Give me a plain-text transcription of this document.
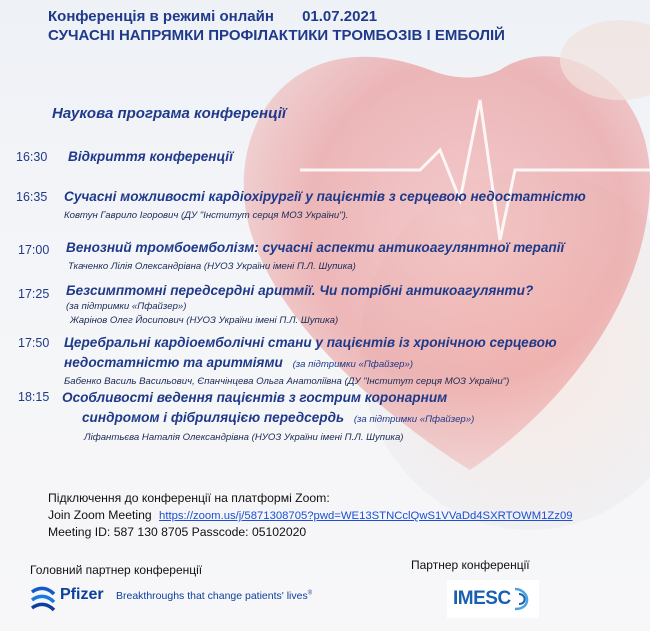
Конференція в режимі онлайн 01.07.2021
СУЧАСНІ НАПРЯМКИ ПРОФІЛАКТИКИ ТРОМБОЗІВ І ЕМБОЛІЙ
Наукова програма конференції
16:30 Відкриття конференції
16:35 Сучасні можливості кардіохірургії у пацієнтів з серцевою недостатністю
Ковтун Гаврило Ігорович (ДУ "Інститут серця МОЗ України").
17:00 Венозний тромбоемболізм: сучасні аспекти антикоагулянтної терапії
Ткаченко Лілія Олександрівна (НУОЗ України імені П.Л. Шупика)
17:25 Безсимптомні передсердні аритмії. Чи потрібні антикоагулянти?
(за підтримки «Пфайзер»)
Жарінов Олег Йосипович (НУОЗ України імені П.Л. Шупика)
17:50 Церебральні кардіоемболічні стани у пацієнтів із хронічною серцевою
недостатністю та аритміями (за підтримки «Пфайзер»)
Бабенко Василь Васильович, Єпанчінцева Ольга Анатоліївна (ДУ "Інститут серця МОЗ України")
18:15 Особливості ведення пацієнтів з гострим коронарним
синдромом і фібриляцією передсердь (за підтримки «Пфайзер»)
Ліфантьєва Наталія Олександрівна (НУОЗ України імені П.Л. Шупика)
Підключення до конференції на платформі Zoom:
Join Zoom Meeting https://zoom.us/j/5871308705?pwd=WE13STNCclQwS1VVaDd4SXRTOWM1Zz09
Meeting ID: 587 130 8705 Passcode: 05102020
Головний партнер конференції
Pfizer Breakthroughs that change patients' lives®
Партнер конференції
IMESC
